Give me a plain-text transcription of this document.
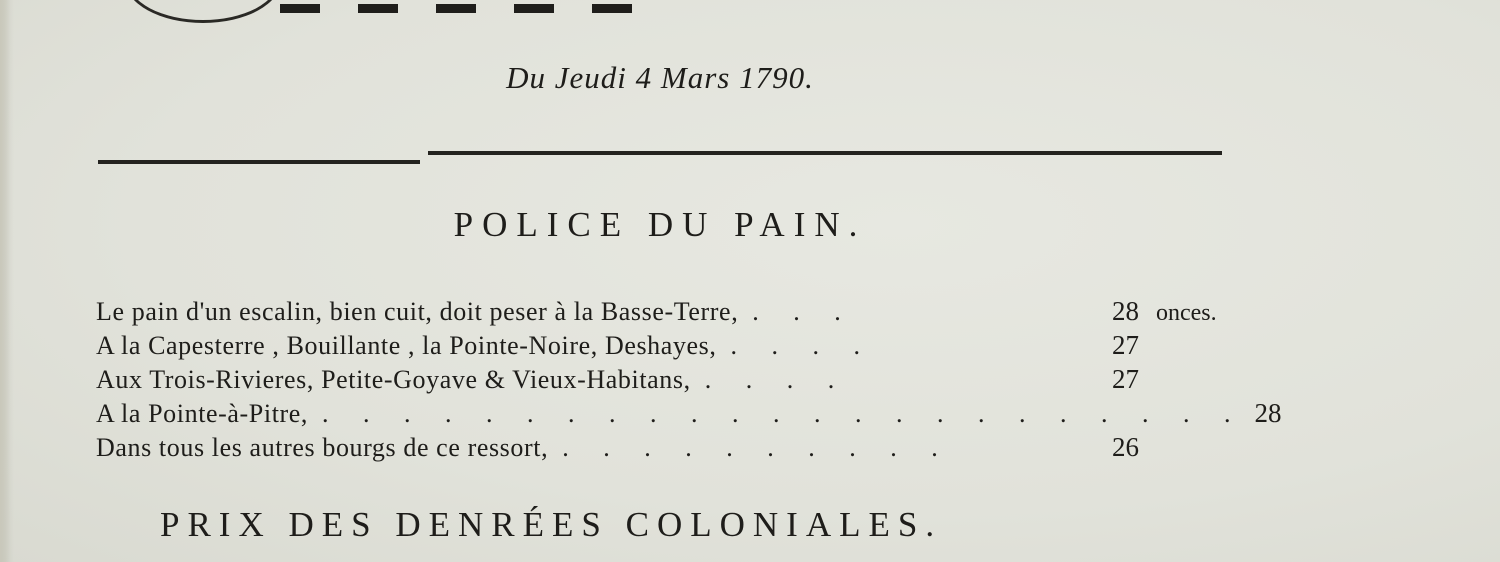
Du Jeudi 4 Mars 1790.
POLICE DU PAIN.
Le pain d'un escalin, bien cuit, doit peser à la Basse-Terre, . . .	28 onces.
A la Capesterre , Bouillante , la Pointe-Noire, Deshayes, . . . .	27
Aux Trois-Rivieres, Petite-Goyave & Vieux-Habitans, . . . .	27
A la Pointe-à-Pitre, . . . . . . . . . . . . . . . . . . . . . . . 28
Dans tous les autres bourgs de ce ressort, . . . . . . . . . .	26
PRIX DES DENRÉES COLONIALES.
